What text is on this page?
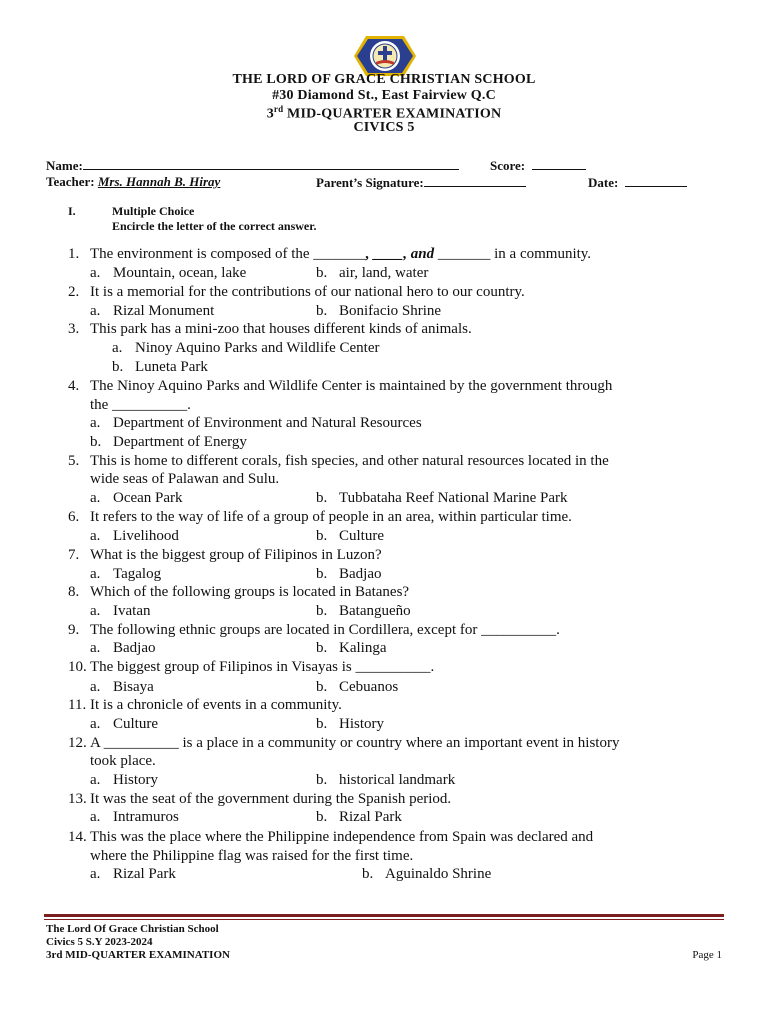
THE LORD OF GRACE CHRISTIAN SCHOOL
#30 Diamond St., East Fairview Q.C
3rd MID-QUARTER EXAMINATION
CIVICS 5
Name:	Score:
Teacher: Mrs. Hannah B. Hiray	Parent’s Signature:	Date:
I.	Multiple Choice
Encircle the letter of the correct answer.
1. The environment is composed of the _______, ____, and _______ in a community.
a. Mountain, ocean, lake	b. air, land, water
2. It is a memorial for the contributions of our national hero to our country.
a. Rizal Monument	b. Bonifacio Shrine
3. This park has a mini-zoo that houses different kinds of animals.
a. Ninoy Aquino Parks and Wildlife Center
b. Luneta Park
4. The Ninoy Aquino Parks and Wildlife Center is maintained by the government through
the __________.
a. Department of Environment and Natural Resources
b. Department of Energy
5. This is home to different corals, fish species, and other natural resources located in the
wide seas of Palawan and Sulu.
a. Ocean Park	b. Tubbataha Reef National Marine Park
6. It refers to the way of life of a group of people in an area, within particular time.
a. Livelihood	b. Culture
7. What is the biggest group of Filipinos in Luzon?
a. Tagalog	b. Badjao
8. Which of the following groups is located in Batanes?
a. Ivatan	b. Batangueño
9. The following ethnic groups are located in Cordillera, except for __________.
a. Badjao	b. Kalinga
10. The biggest group of Filipinos in Visayas is __________.
a. Bisaya	b. Cebuanos
11. It is a chronicle of events in a community.
a. Culture	b. History
12. A __________ is a place in a community or country where an important event in history
took place.
a. History	b. historical landmark
13. It was the seat of the government during the Spanish period.
a. Intramuros	b. Rizal Park
14. This was the place where the Philippine independence from Spain was declared and
where the Philippine flag was raised for the first time.
a. Rizal Park	b. Aguinaldo Shrine
The Lord Of Grace Christian School
Civics 5 S.Y 2023-2024
3rd MID-QUARTER EXAMINATION	Page 1
